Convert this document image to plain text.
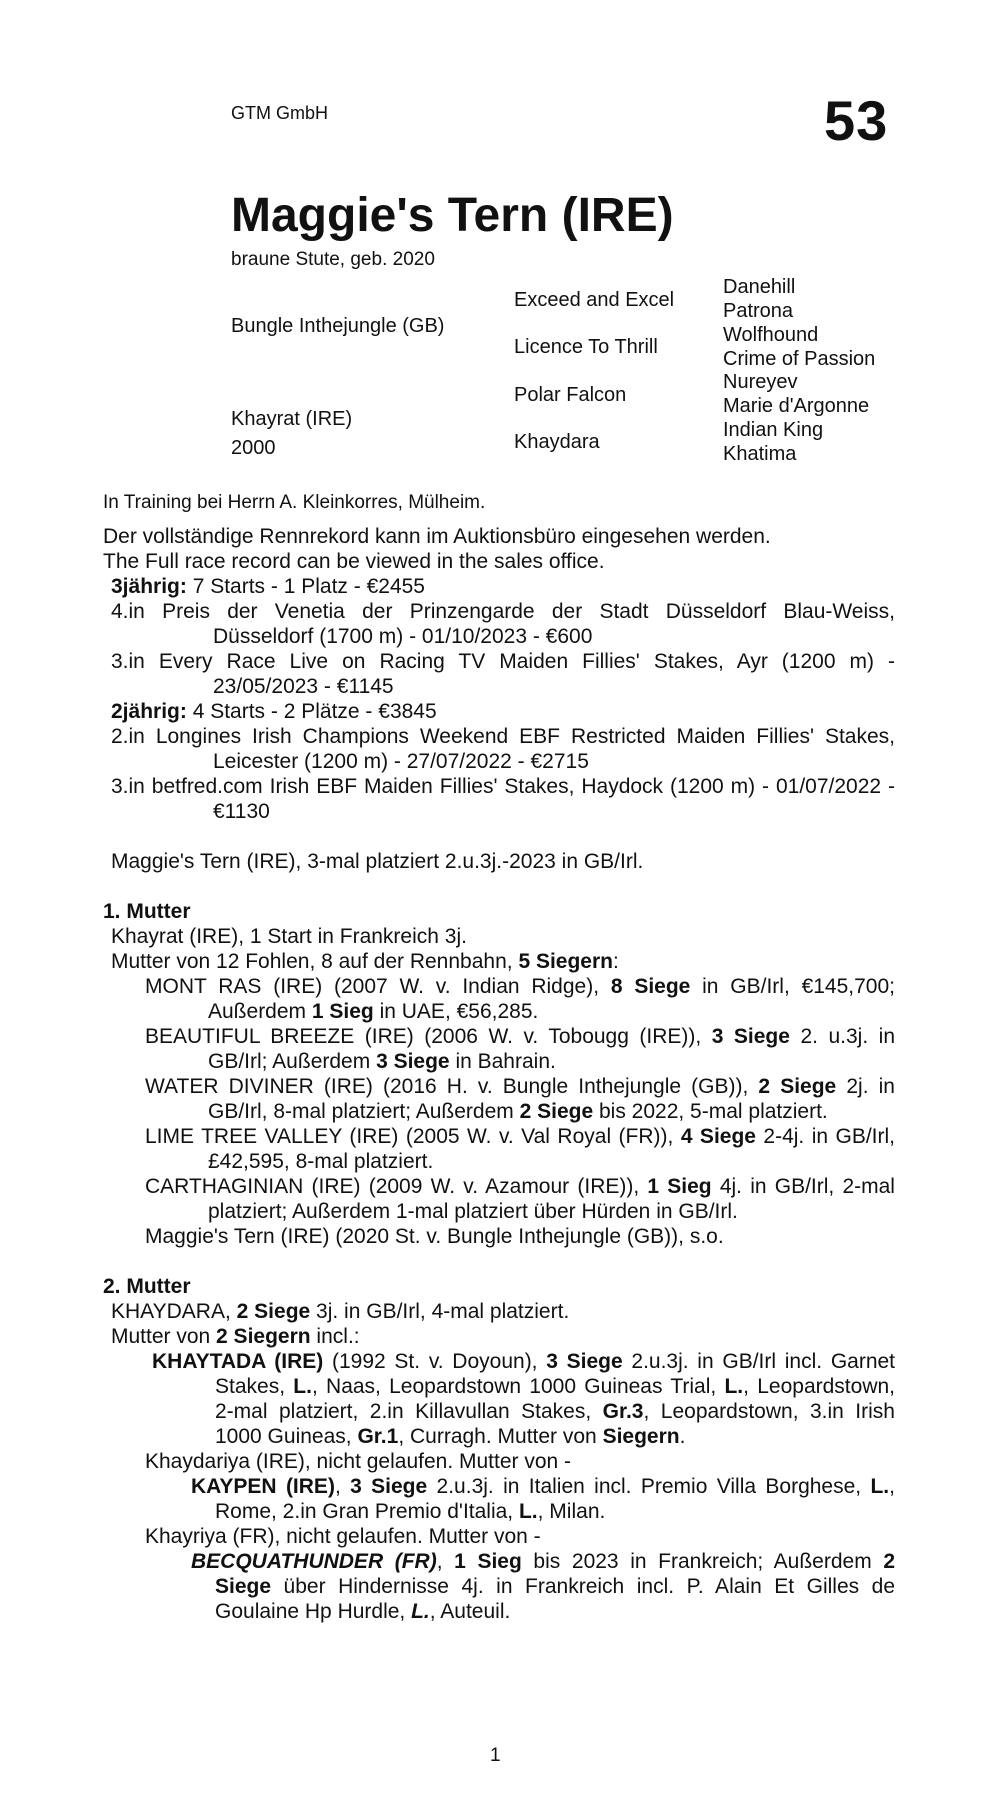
GTM GmbH	53
Maggie's Tern (IRE)
braune Stute, geb. 2020
Bungle Inthejungle (GB)
Khayrat (IRE)
2000
Exceed and Excel
Licence To Thrill
Polar Falcon
Khaydara
Danehill
Patrona
Wolfhound
Crime of Passion
Nureyev
Marie d'Argonne
Indian King
Khatima
In Training bei Herrn A. Kleinkorres, Mülheim.

Der vollständige Rennrekord kann im Auktionsbüro eingesehen werden.

The Full race record can be viewed in the sales office.

3jährig: 7 Starts - 1 Platz - €2455

4.in Preis der Venetia der Prinzengarde der Stadt Düsseldorf Blau-Weiss, Düsseldorf (1700 m) - 01/10/2023 - €600

3.in Every Race Live on Racing TV Maiden Fillies' Stakes, Ayr (1200 m) - 23/05/2023 - €1145

2jährig: 4 Starts - 2 Plätze - €3845

2.in Longines Irish Champions Weekend EBF Restricted Maiden Fillies' Stakes, Leicester (1200 m) - 27/07/2022 - €2715

3.in betfred.com Irish EBF Maiden Fillies' Stakes, Haydock (1200 m) - 01/07/2022 - €1130

Maggie's Tern (IRE), 3-mal platziert 2.u.3j.-2023 in GB/Irl.

1. Mutter

Khayrat (IRE), 1 Start in Frankreich 3j.

Mutter von 12 Fohlen, 8 auf der Rennbahn, 5 Siegern:

MONT RAS (IRE) (2007 W. v. Indian Ridge), 8 Siege in GB/Irl, €145,700; Außerdem 1 Sieg in UAE, €56,285.

BEAUTIFUL BREEZE (IRE) (2006 W. v. Tobougg (IRE)), 3 Siege 2. u.3j. in GB/Irl; Außerdem 3 Siege in Bahrain.

WATER DIVINER (IRE) (2016 H. v. Bungle Inthejungle (GB)), 2 Siege 2j. in GB/Irl, 8-mal platziert; Außerdem 2 Siege bis 2022, 5-mal platziert.

LIME TREE VALLEY (IRE) (2005 W. v. Val Royal (FR)), 4 Siege 2-4j. in GB/Irl, £42,595, 8-mal platziert.

CARTHAGINIAN (IRE) (2009 W. v. Azamour (IRE)), 1 Sieg 4j. in GB/Irl, 2-mal platziert; Außerdem 1-mal platziert über Hürden in GB/Irl.

Maggie's Tern (IRE) (2020 St. v. Bungle Inthejungle (GB)), s.o.

2. Mutter

KHAYDARA, 2 Siege 3j. in GB/Irl, 4-mal platziert.

Mutter von 2 Siegern incl.:

KHAYTADA (IRE) (1992 St. v. Doyoun), 3 Siege 2.u.3j. in GB/Irl incl. Garnet Stakes, L., Naas, Leopardstown 1000 Guineas Trial, L., Leopardstown, 2-mal platziert, 2.in Killavullan Stakes, Gr.3, Leopardstown, 3.in Irish 1000 Guineas, Gr.1, Curragh. Mutter von Siegern.

Khaydariya (IRE), nicht gelaufen. Mutter von -

KAYPEN (IRE), 3 Siege 2.u.3j. in Italien incl. Premio Villa Borghese, L., Rome, 2.in Gran Premio d'Italia, L., Milan.

Khayriya (FR), nicht gelaufen. Mutter von -

BECQUATHUNDER (FR), 1 Sieg bis 2023 in Frankreich; Außerdem 2 Siege über Hindernisse 4j. in Frankreich incl. P. Alain Et Gilles de Goulaine Hp Hurdle, L., Auteuil.

1
